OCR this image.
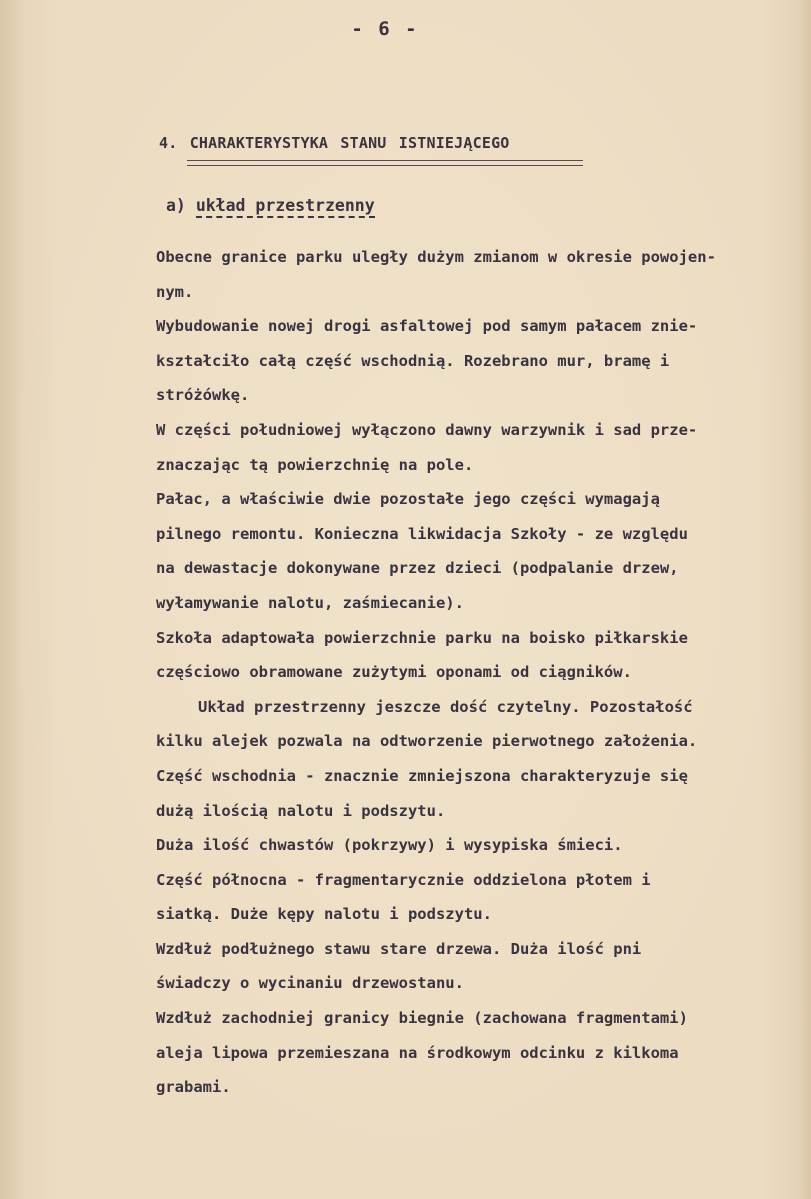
- 6 -
4. CHARAKTERYSTYKA STANU ISTNIEJĄCEGO
a) układ przestrzenny
Obecne granice parku uległy dużym zmianom w okresie powojen-
nym.
Wybudowanie nowej drogi asfaltowej pod samym pałacem znie-
kształciło całą część wschodnią. Rozebrano mur, bramę i
stróżówkę.
W części południowej wyłączono dawny warzywnik i sad prze-
znaczając tą powierzchnię na pole.
Pałac, a właściwie dwie pozostałe jego części wymagają
pilnego remontu. Konieczna likwidacja Szkoły - ze względu
na dewastacje dokonywane przez dzieci (podpalanie drzew,
wyłamywanie nalotu, zaśmiecanie).
Szkoła adaptowała powierzchnie parku na boisko piłkarskie
częściowo obramowane zużytymi oponami od ciągników.
Układ przestrzenny jeszcze dość czytelny. Pozostałość
kilku alejek pozwala na odtworzenie pierwotnego założenia.
Część wschodnia - znacznie zmniejszona charakteryzuje się
dużą ilością nalotu i podszytu.
Duża ilość chwastów (pokrzywy) i wysypiska śmieci.
Część północna - fragmentarycznie oddzielona płotem i
siatką. Duże kępy nalotu i podszytu.
Wzdłuż podłużnego stawu stare drzewa. Duża ilość pni
świadczy o wycinaniu drzewostanu.
Wzdłuż zachodniej granicy biegnie (zachowana fragmentami)
aleja lipowa przemieszana na środkowym odcinku z kilkoma
grabami.
